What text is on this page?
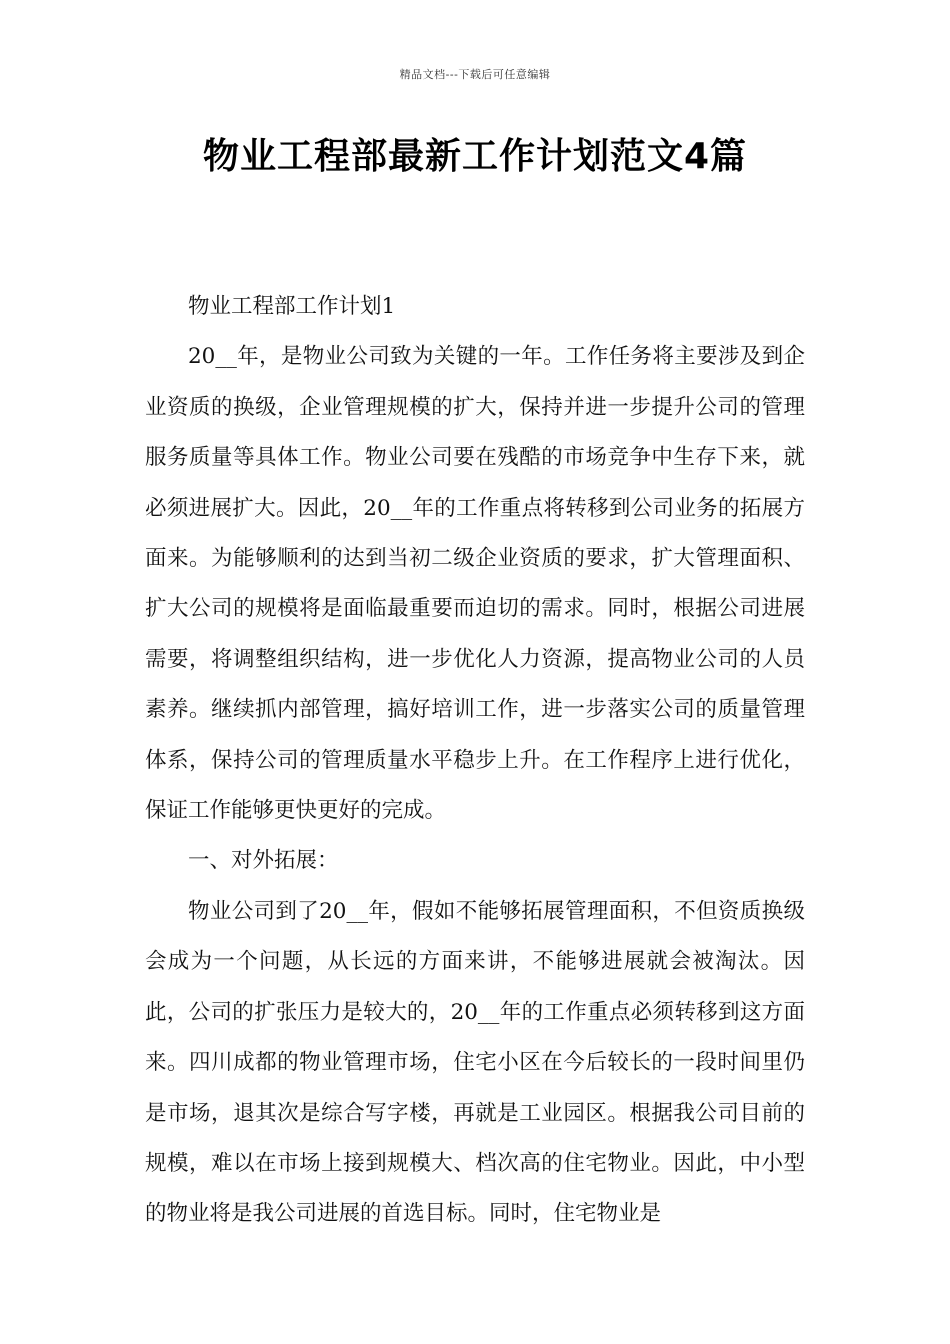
精品文档---下载后可任意编辑
物业工程部最新工作计划范文4篇

物业工程部工作计划1

20__年，是物业公司致为关键的一年。工作任务将主要涉及到企业资质的换级，企业管理规模的扩大，保持并进一步提升公司的管理服务质量等具体工作。物业公司要在残酷的市场竞争中生存下来，就必须进展扩大。因此，20__年的工作重点将转移到公司业务的拓展方面来。为能够顺利的达到当初二级企业资质的要求，扩大管理面积、扩大公司的规模将是面临最重要而迫切的需求。同时，根据公司进展需要，将调整组织结构，进一步优化人力资源，提高物业公司的人员素养。继续抓内部管理，搞好培训工作，进一步落实公司的质量管理体系，保持公司的管理质量水平稳步上升。在工作程序上进行优化，保证工作能够更快更好的完成。

一、对外拓展：

物业公司到了20__年，假如不能够拓展管理面积，不但资质换级会成为一个问题，从长远的方面来讲，不能够进展就会被淘汰。因此，公司的扩张压力是较大的，20__年的工作重点必须转移到这方面来。四川成都的物业管理市场，住宅小区在今后较长的一段时间里仍是市场，退其次是综合写字楼，再就是工业园区。根据我公司目前的规模，难以在市场上接到规模大、档次高的住宅物业。因此，中小型的物业将是我公司进展的首选目标。同时，住宅物业是
